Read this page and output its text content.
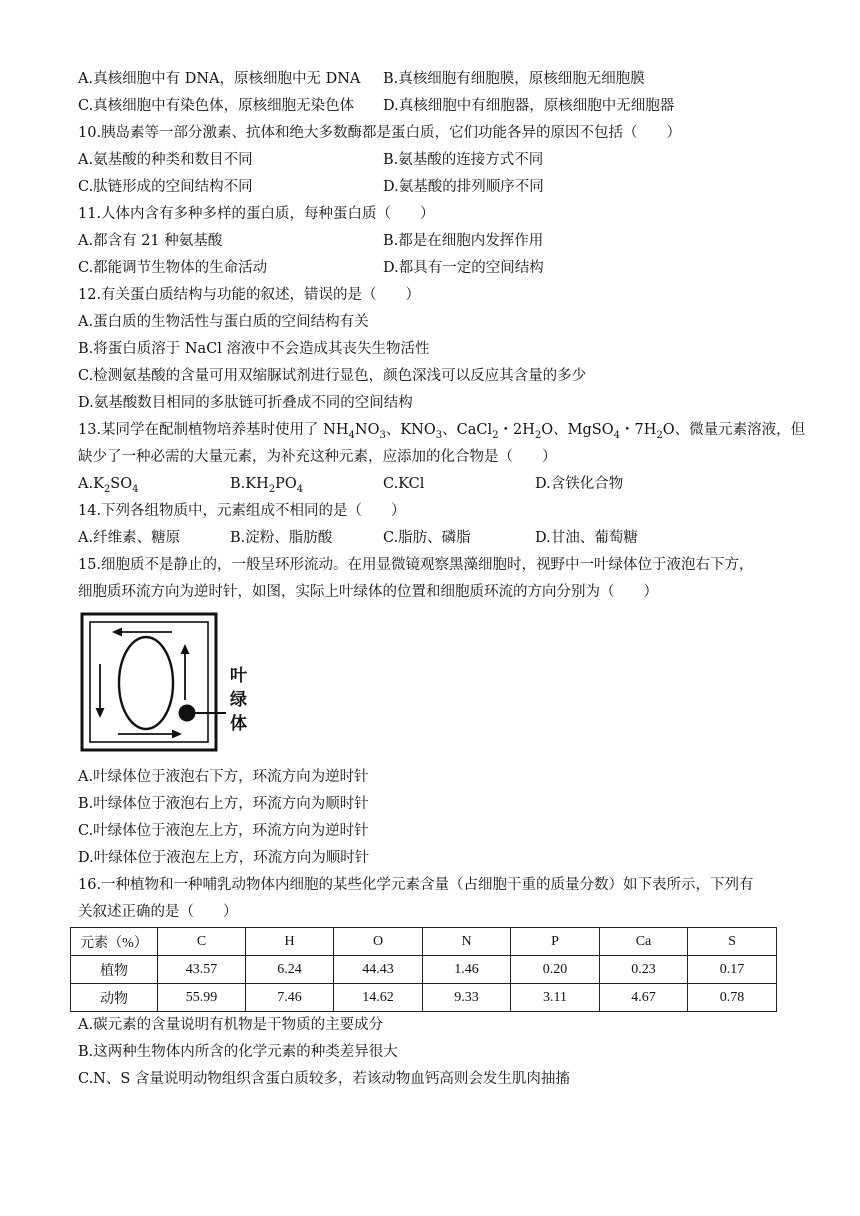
A.真核细胞中有 DNA，原核细胞中无 DNA B.真核细胞有细胞膜，原核细胞无细胞膜
C.真核细胞中有染色体，原核细胞无染色体 D.真核细胞中有细胞器，原核细胞中无细胞器
10.胰岛素等一部分激素、抗体和绝大多数酶都是蛋白质，它们功能各异的原因不包括（　　）
A.氨基酸的种类和数目不同	B.氨基酸的连接方式不同
C.肽链形成的空间结构不同	D.氨基酸的排列顺序不同
11.人体内含有多种多样的蛋白质，每种蛋白质（　　）
A.都含有 21 种氨基酸	B.都是在细胞内发挥作用
C.都能调节生物体的生命活动	D.都具有一定的空间结构
12.有关蛋白质结构与功能的叙述，错误的是（　　）
A.蛋白质的生物活性与蛋白质的空间结构有关
B.将蛋白质溶于 NaCl 溶液中不会造成其丧失生物活性
C.检测氨基酸的含量可用双缩脲试剂进行显色，颜色深浅可以反应其含量的多少
D.氨基酸数目相同的多肽链可折叠成不同的空间结构
13.某同学在配制植物培养基时使用了 $NH_4NO_3$、$KNO_3$、CaCl$_2$・$2H_2O$、MgSO$_4$・$7H_2O$、微量元素溶液，但
缺少了一种必需的大量元素，为补充这种元素，应添加的化合物是（　　）
$A.K_2SO_4$	$B.KH_2PO_4$	C.KCl	D.含铁化合物
14.下列各组物质中，元素组成不相同的是（　　）
A.纤维素、糖原	B.淀粉、脂肪酸	C.脂肪、磷脂	D.甘油、葡萄糖
15.细胞质不是静止的，一般呈环形流动。在用显微镜观察黑藻细胞时，视野中一叶绿体位于液泡右下方，
细胞质环流方向为逆时针，如图，实际上叶绿体的位置和细胞质环流的方向分别为（　　）
叶
绿
体
A.叶绿体位于液泡右下方，环流方向为逆时针
B.叶绿体位于液泡右上方，环流方向为顺时针
C.叶绿体位于液泡左上方，环流方向为逆时针
D.叶绿体位于液泡左上方，环流方向为顺时针
16.一种植物和一种哺乳动物体内细胞的某些化学元素含量（占细胞干重的质量分数）如下表所示，下列有
关叙述正确的是（　　）
元素（%）	C	H	O	N	P	Ca	S
植物	43.57	6.24	44.43	1.46	0.20	0.23	0.17
动物	55.99	7.46	14.62	9.33	3.11	4.67	0.78
A.碳元素的含量说明有机物是干物质的主要成分
B.这两种生物体内所含的化学元素的种类差异很大
C.N、S 含量说明动物组织含蛋白质较多，若该动物血钙高则会发生肌肉抽搐
